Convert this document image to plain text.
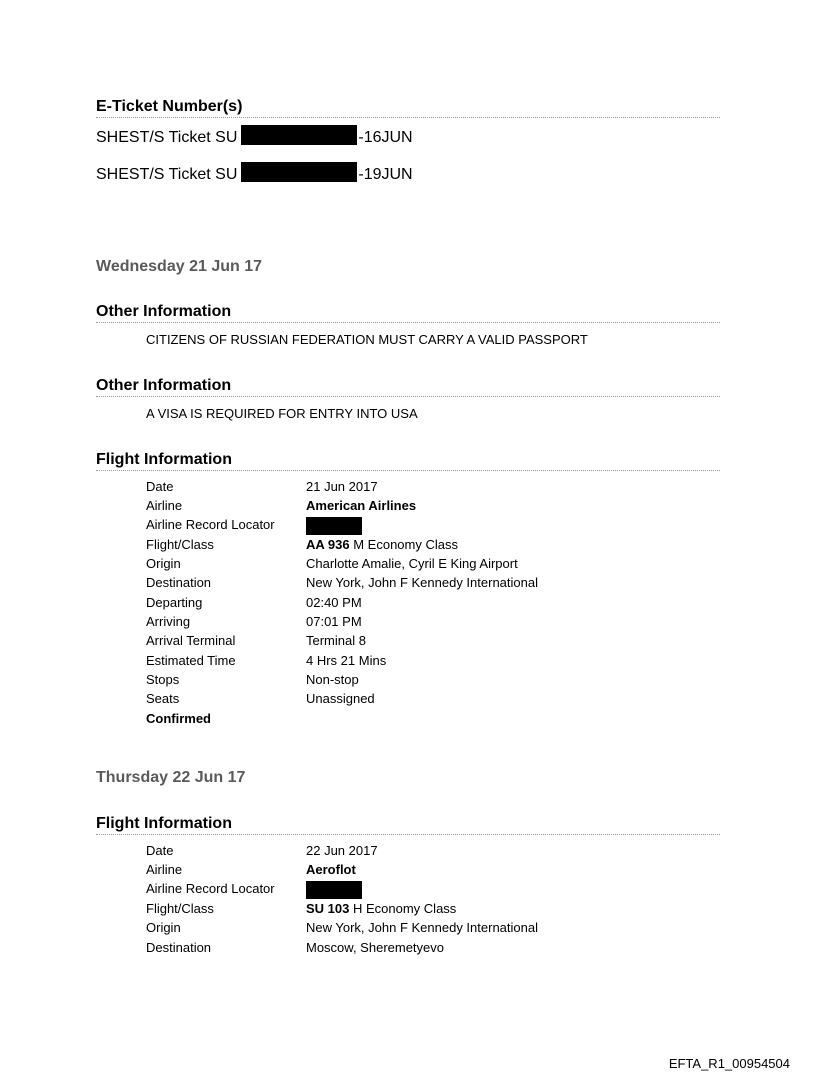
E-Ticket Number(s)
SHEST/S Ticket SU	-16JUN
SHEST/S Ticket SU	-19JUN
Wednesday 21 Jun 17
Other Information
CITIZENS OF RUSSIAN FEDERATION MUST CARRY A VALID PASSPORT
Other Information
A VISA IS REQUIRED FOR ENTRY INTO USA
Flight Information
Date	21 Jun 2017
Airline	American Airlines
Airline Record Locator
Flight/Class	AA 936 M Economy Class
Origin	Charlotte Amalie, Cyril E King Airport
Destination	New York, John F Kennedy International
Departing	02:40 PM
Arriving	07:01 PM
Arrival Terminal	Terminal 8
Estimated Time	4 Hrs 21 Mins
Stops	Non-stop
Seats	Unassigned
Confirmed
Thursday 22 Jun 17
Flight Information
Date	22 Jun 2017
Airline	Aeroflot
Airline Record Locator
Flight/Class	SU 103 H Economy Class
Origin	New York, John F Kennedy International
Destination	Moscow, Sheremetyevo
EFTA_R1_00954504
